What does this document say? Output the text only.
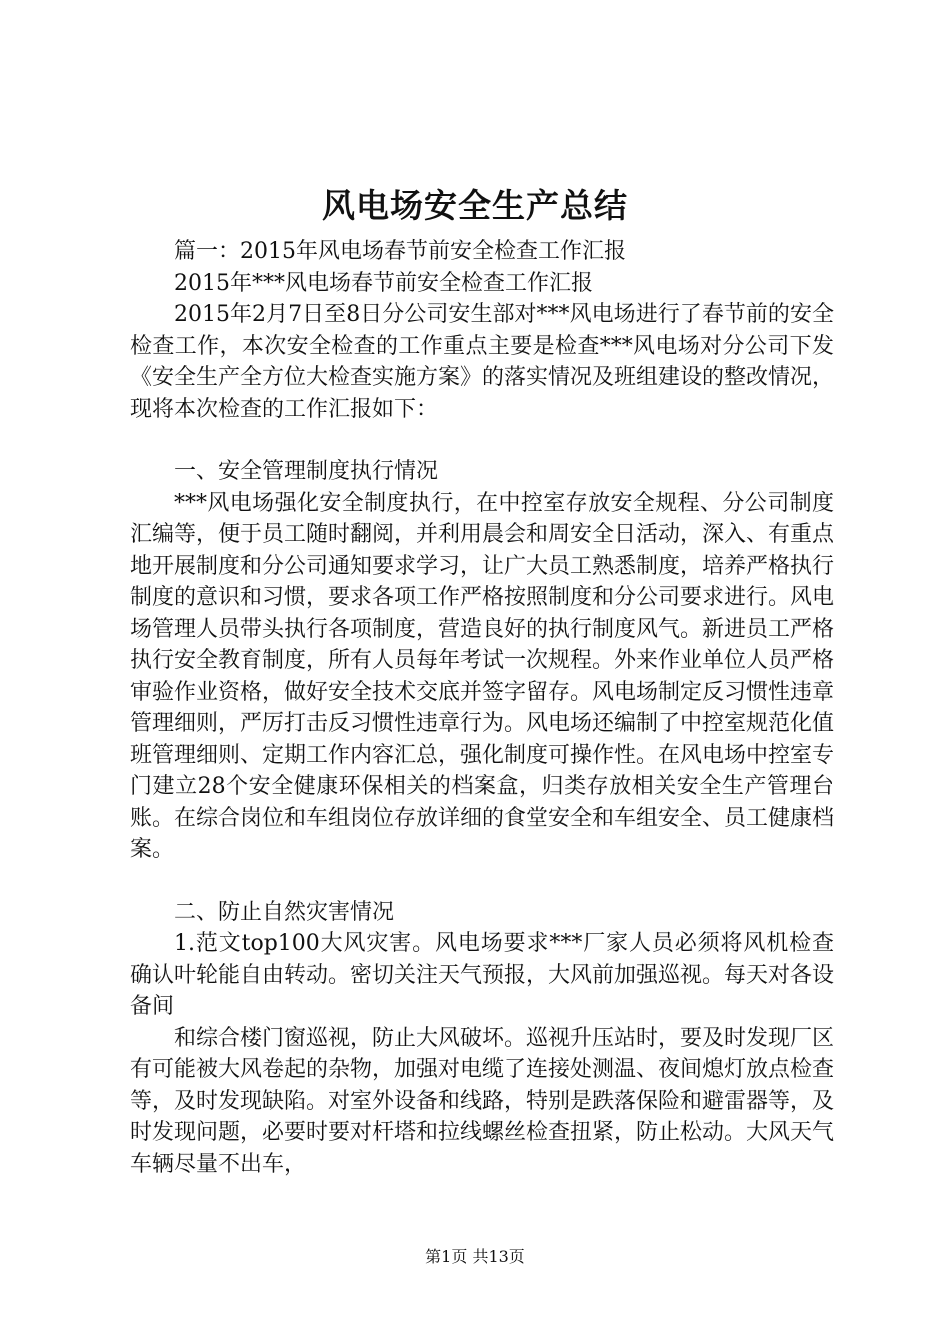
风电场安全生产总结

篇一：2015年风电场春节前安全检查工作汇报

2015年***风电场春节前安全检查工作汇报

2015年2月7日至8日分公司安生部对***风电场进行了春节前的安全检查工作，本次安全检查的工作重点主要是检查***风电场对分公司下发《安全生产全方位大检查实施方案》的落实情况及班组建设的整改情况，现将本次检查的工作汇报如下：

一、安全管理制度执行情况

***风电场强化安全制度执行，在中控室存放安全规程、分公司制度汇编等，便于员工随时翻阅，并利用晨会和周安全日活动，深入、有重点地开展制度和分公司通知要求学习，让广大员工熟悉制度，培养严格执行制度的意识和习惯，要求各项工作严格按照制度和分公司要求进行。风电场管理人员带头执行各项制度，营造良好的执行制度风气。新进员工严格执行安全教育制度，所有人员每年考试一次规程。外来作业单位人员严格审验作业资格，做好安全技术交底并签字留存。风电场制定反习惯性违章管理细则，严厉打击反习惯性违章行为。风电场还编制了中控室规范化值班管理细则、定期工作内容汇总，强化制度可操作性。在风电场中控室专门建立28个安全健康环保相关的档案盒，归类存放相关安全生产管理台账。在综合岗位和车组岗位存放详细的食堂安全和车组安全、员工健康档案。

二、防止自然灾害情况

1.范文top100大风灾害。风电场要求***厂家人员必须将风机检查确认叶轮能自由转动。密切关注天气预报，大风前加强巡视。每天对各设备间

和综合楼门窗巡视，防止大风破坏。巡视升压站时，要及时发现厂区有可能被大风卷起的杂物，加强对电缆了连接处测温、夜间熄灯放点检查等，及时发现缺陷。对室外设备和线路，特别是跌落保险和避雷器等，及时发现问题，必要时要对杆塔和拉线螺丝检查扭紧，防止松动。大风天气车辆尽量不出车，

第1页 共13页
